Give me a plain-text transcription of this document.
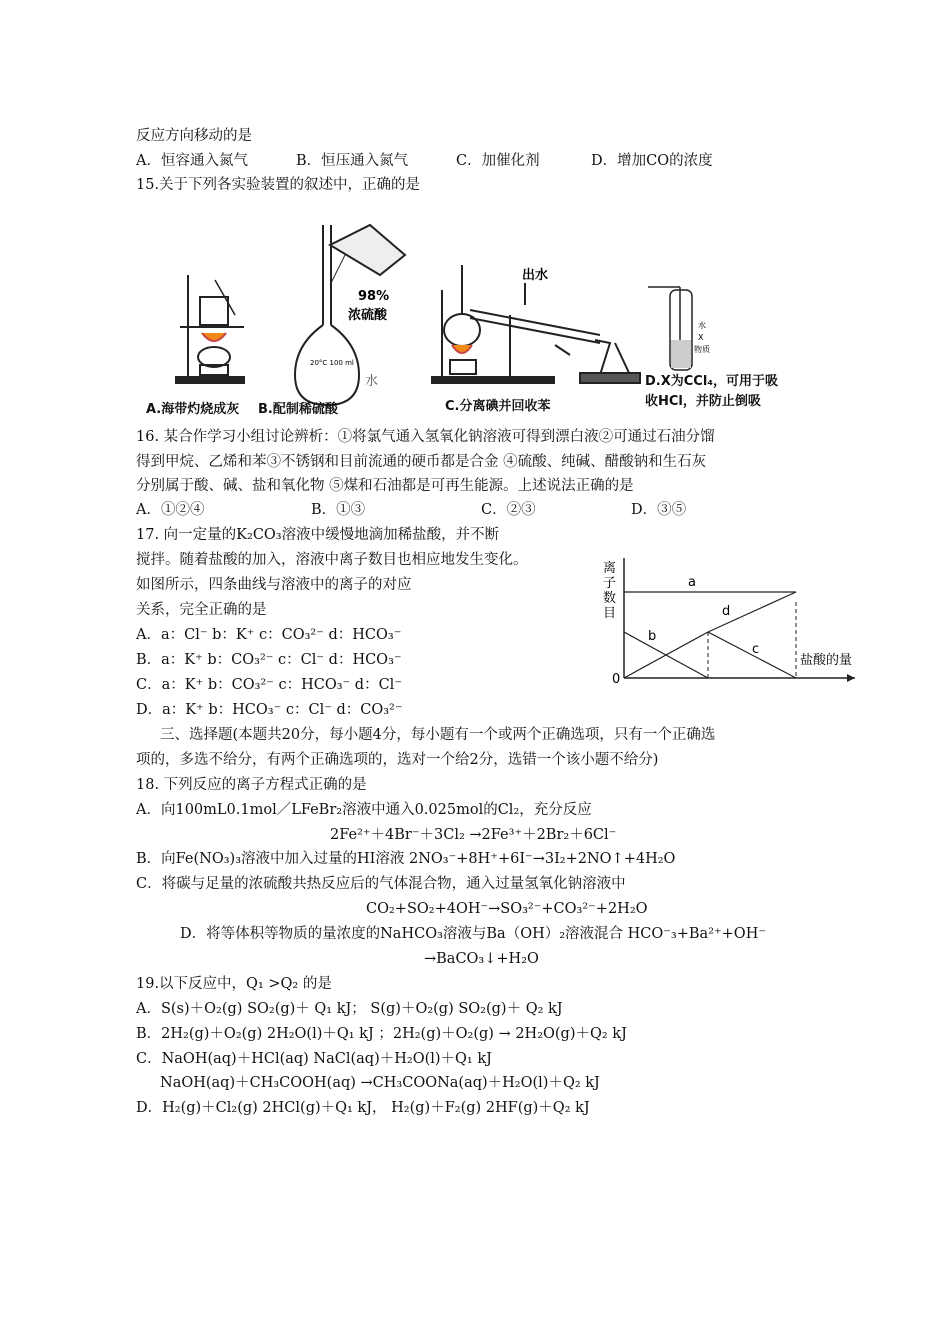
反应方向移动的是
A．恒容通入氮气	B．恒压通入氮气	C．加催化剂	D．增加CO的浓度
15.关于下列各实验装置的叙述中，正确的是
98%
浓硫酸
20°C 100 ml
水
出水
水
X
物质
A.海带灼烧成灰 B.配制稀硫酸	C.分离碘并回收苯
D.X为CCl₄，可用于吸
收HCl，并防止倒吸
16. 某合作学习小组讨论辨析：①将氯气通入氢氧化钠溶液可得到漂白液②可通过石油分馏
得到甲烷、乙烯和苯③不锈钢和目前流通的硬币都是合金 ④硫酸、纯碱、醋酸钠和生石灰
分别属于酸、碱、盐和氧化物 ⑤煤和石油都是可再生能源。上述说法正确的是
A．①②④	B．①③	C．②③	D．③⑤
17. 向一定量的K₂CO₃溶液中缓慢地滴加稀盐酸，并不断
搅拌。随着盐酸的加入，溶液中离子数目也相应地发生变化。
如图所示，四条曲线与溶液中的离子的对应
关系，完全正确的是
A．a：Cl⁻ b：K⁺ c：CO₃²⁻ d：HCO₃⁻
B．a：K⁺ b：CO₃²⁻ c：Cl⁻ d：HCO₃⁻
C．a：K⁺ b：CO₃²⁻ c：HCO₃⁻ d：Cl⁻
D．a：K⁺ b：HCO₃⁻ c：Cl⁻ d：CO₃²⁻
离
子
数
目
盐酸的量
0
a
b
c
d
三、选择题(本题共20分，每小题4分，每小题有一个或两个正确选项，只有一个正确选
项的，多选不给分，有两个正确选项的，选对一个给2分，选错一个该小题不给分)
18. 下列反应的离子方程式正确的是
A．向100mL0.1mol／LFeBr₂溶液中通入0.025mol的Cl₂，充分反应
2Fe²⁺＋4Br⁻＋3Cl₂ →2Fe³⁺＋2Br₂＋6Cl⁻
B．向Fe(NO₃)₃溶液中加入过量的HI溶液 2NO₃⁻+8H⁺+6I⁻→3I₂+2NO↑+4H₂O
C．将碳与足量的浓硫酸共热反应后的气体混合物，通入过量氢氧化钠溶液中
CO₂+SO₂+4OH⁻→SO₃²⁻+CO₃²⁻+2H₂O
D．将等体积等物质的量浓度的NaHCO₃溶液与Ba（OH）₂溶液混合 HCO⁻₃+Ba²⁺+OH⁻
→BaCO₃↓+H₂O
19.以下反应中，Q₁ >Q₂ 的是
A．S(s)＋O₂(g) SO₂(g)＋ Q₁ kJ； S(g)＋O₂(g) SO₂(g)＋ Q₂ kJ
B．2H₂(g)＋O₂(g) 2H₂O(l)＋Q₁ kJ ；2H₂(g)＋O₂(g) → 2H₂O(g)＋Q₂ kJ
C．NaOH(aq)＋HCl(aq) NaCl(aq)＋H₂O(l)＋Q₁ kJ
NaOH(aq)＋CH₃COOH(aq) →CH₃COONa(aq)＋H₂O(l)＋Q₂ kJ
D．H₂(g)＋Cl₂(g) 2HCl(g)＋Q₁ kJ， H₂(g)＋F₂(g) 2HF(g)＋Q₂ kJ
